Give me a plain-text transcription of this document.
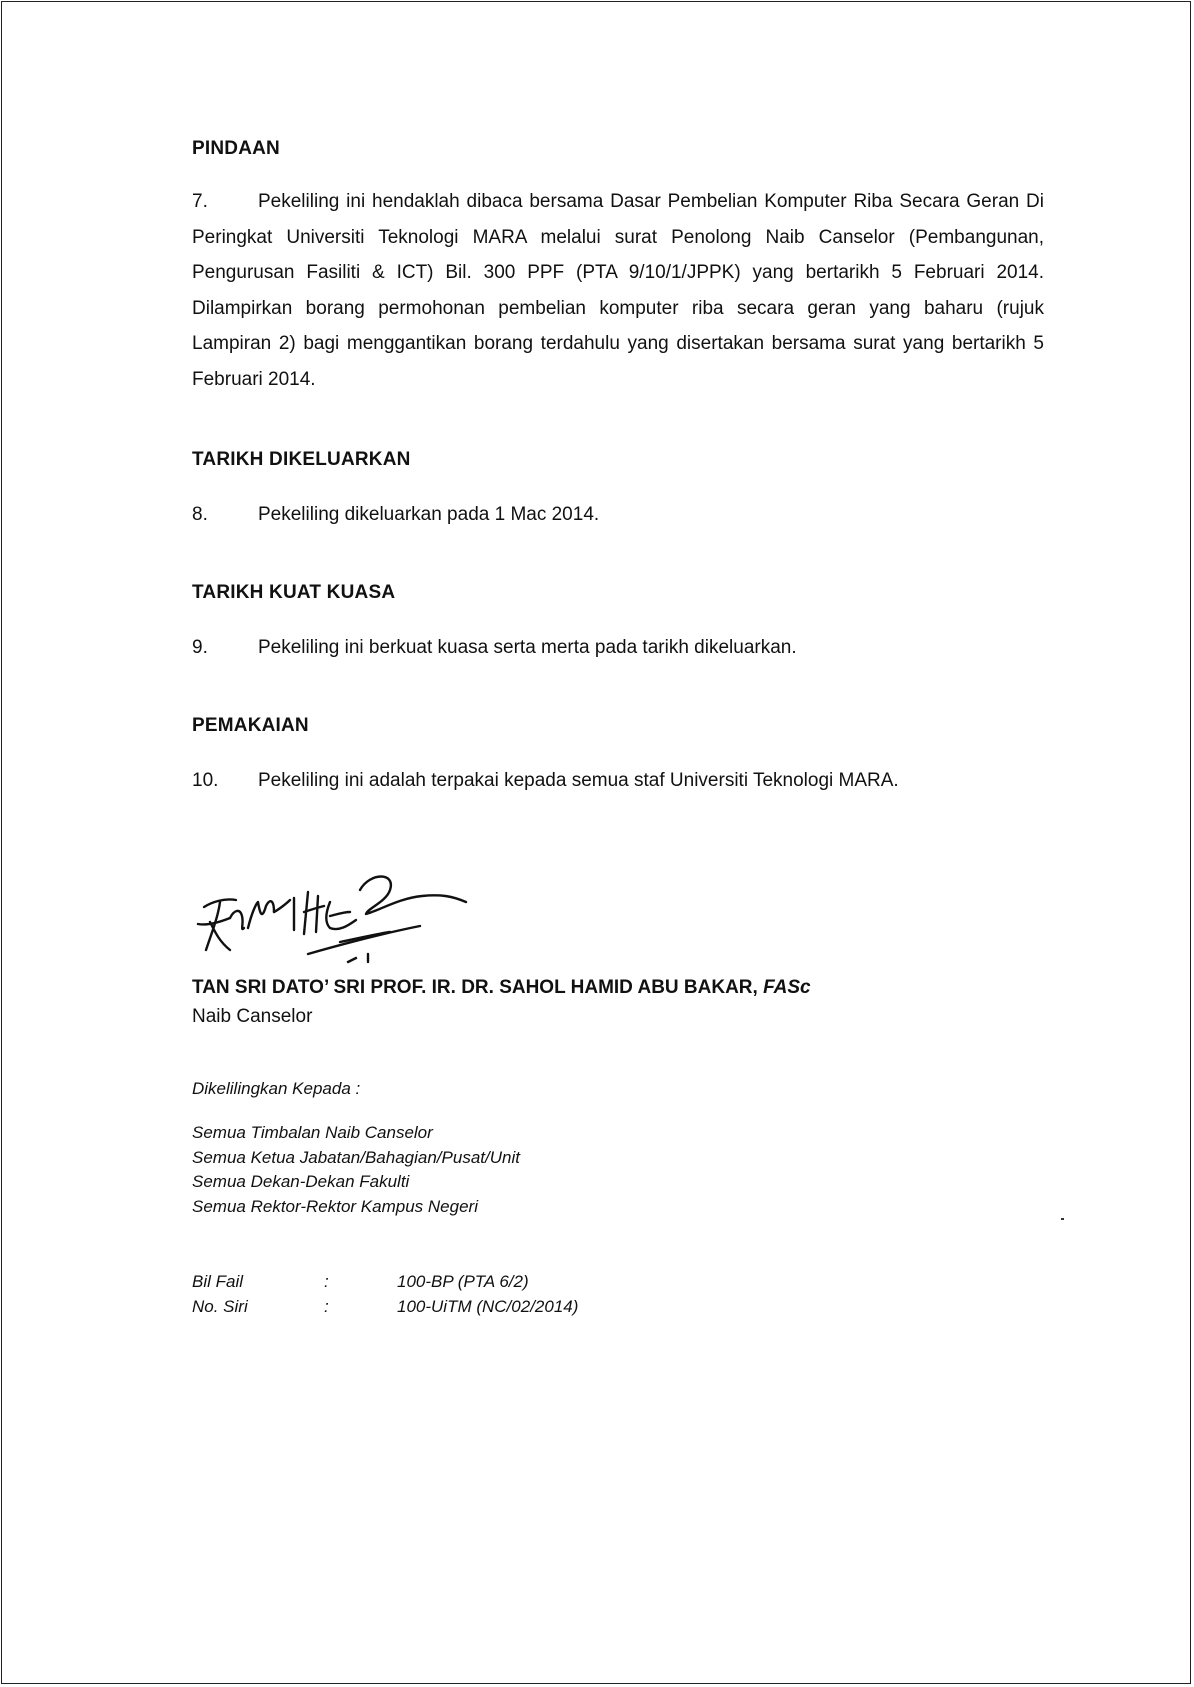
PINDAAN
7.	Pekeliling ini hendaklah dibaca bersama Dasar Pembelian Komputer Riba Secara Geran Di Peringkat Universiti Teknologi MARA melalui surat Penolong Naib Canselor (Pembangunan, Pengurusan Fasiliti & ICT) Bil. 300 PPF (PTA 9/10/1/JPPK) yang bertarikh 5 Februari 2014. Dilampirkan borang permohonan pembelian komputer riba secara geran yang baharu (rujuk Lampiran 2) bagi menggantikan borang terdahulu yang disertakan bersama surat yang bertarikh 5 Februari 2014.
TARIKH DIKELUARKAN
8.	Pekeliling dikeluarkan pada 1 Mac 2014.
TARIKH KUAT KUASA
9.	Pekeliling ini berkuat kuasa serta merta pada tarikh dikeluarkan.
PEMAKAIAN
10. Pekeliling ini adalah terpakai kepada semua staf Universiti Teknologi MARA.
TAN SRI DATO’ SRI PROF. IR. DR. SAHOL HAMID ABU BAKAR, FASc
Naib Canselor
Dikelilingkan Kepada :
Semua Timbalan Naib Canselor
Semua Ketua Jabatan/Bahagian/Pusat/Unit
Semua Dekan-Dekan Fakulti
Semua Rektor-Rektor Kampus Negeri
Bil Fail	:	100-BP (PTA 6/2)
No. Siri	:	100-UiTM (NC/02/2014)
